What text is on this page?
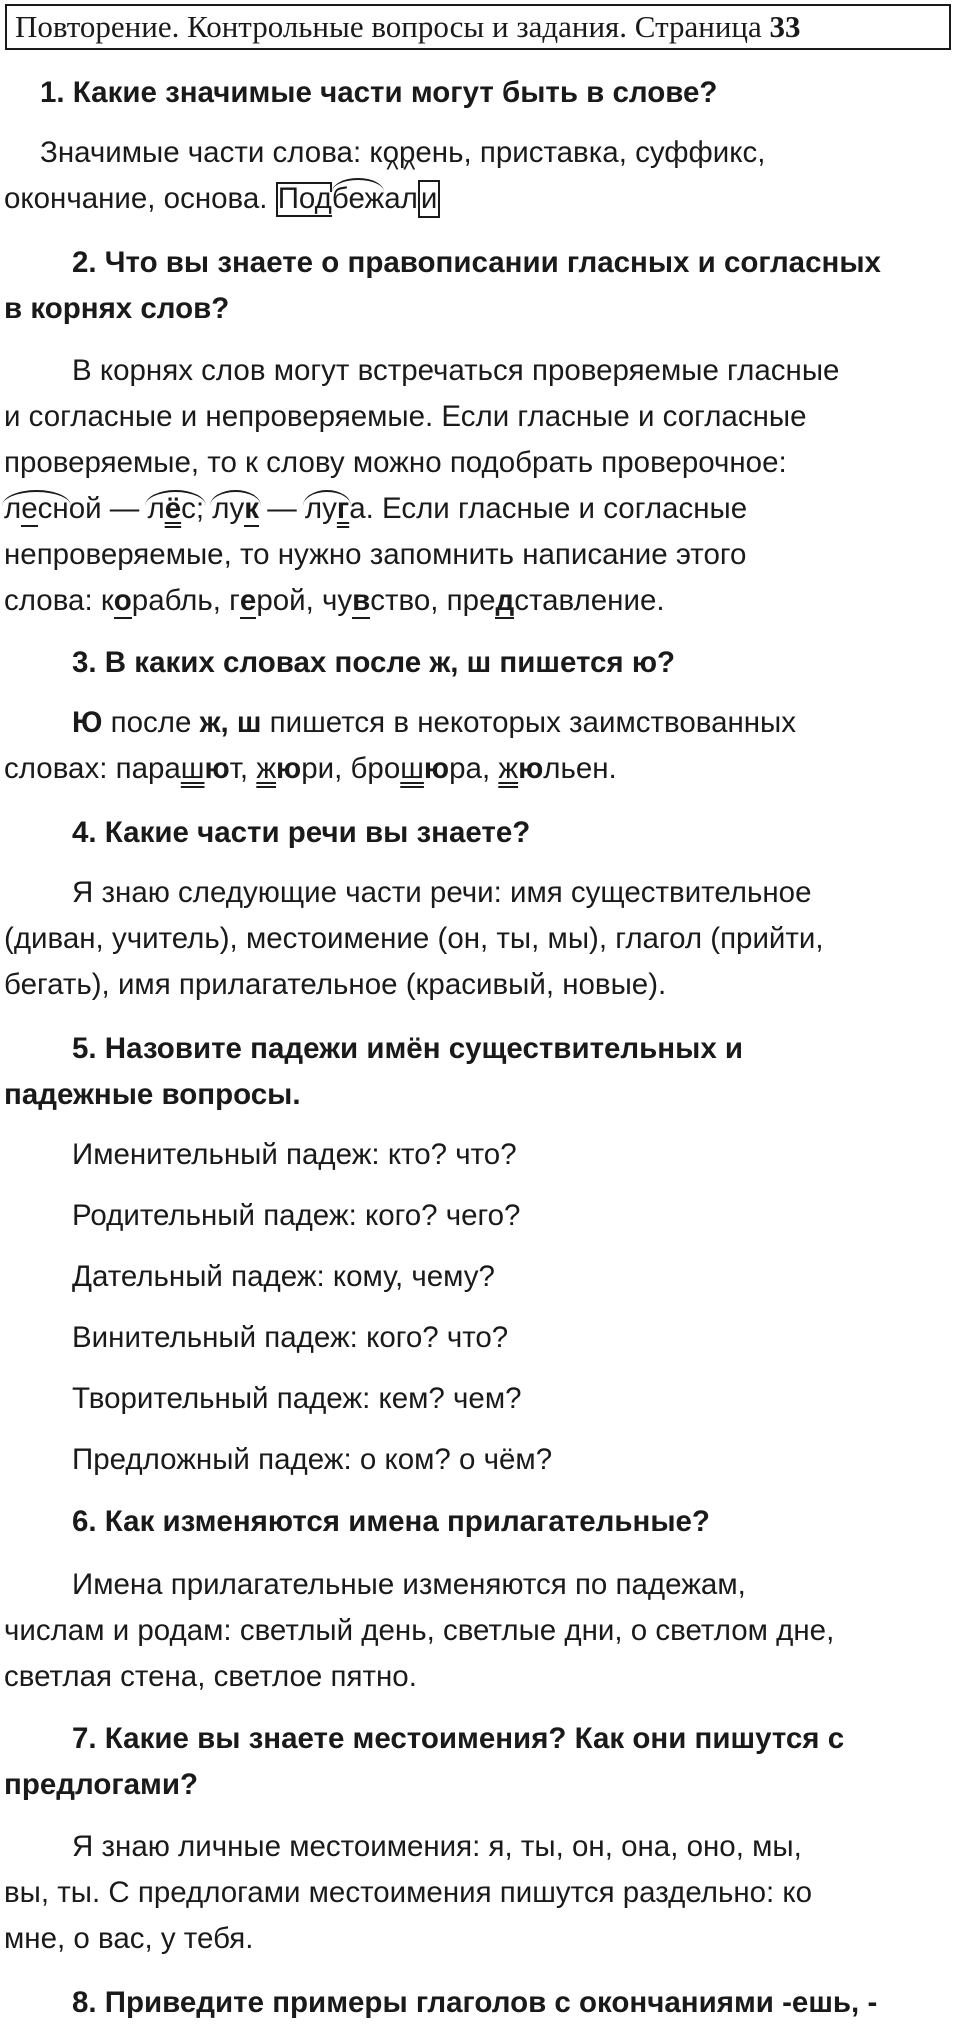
Повторение. Контрольные вопросы и задания. Страница 33
1. Какие значимые части могут быть в слове?
Значимые части слова: корень, приставка, суффикс,
окончание, основа. Подбеж^ а^ л и
2. Что вы знаете о правописании гласных и согласных
в корнях слов?
В корнях слов могут встречаться проверяемые гласные
и согласные и непроверяемые. Если гласные и согласные
проверяемые, то к слову можно подобрать проверочное:
лесной — лёс; лук — луга. Если гласные и согласные
непроверяемые, то нужно запомнить написание этого
слова: корабль, герой, чувство, представление.
3. В каких словах после ж, ш пишется ю?
Ю после ж, ш пишется в некоторых заимствованных
словах: парашют, жюри, брошюра, жюльен.
4. Какие части речи вы знаете?
Я знаю следующие части речи: имя существительное
(диван, учитель), местоимение (он, ты, мы), глагол (прийти,
бегать), имя прилагательное (красивый, новые).
5. Назовите падежи имён существительных и
падежные вопросы.
Именительный падеж: кто? что?
Родительный падеж: кого? чего?
Дательный падеж: кому, чему?
Винительный падеж: кого? что?
Творительный падеж: кем? чем?
Предложный падеж: о ком? о чём?
6. Как изменяются имена прилагательные?
Имена прилагательные изменяются по падежам,
числам и родам: светлый день, светлые дни, о светлом дне,
светлая стена, светлое пятно.
7. Какие вы знаете местоимения? Как они пишутся с
предлогами?
Я знаю личные местоимения: я, ты, он, она, оно, мы,
вы, ты. С предлогами местоимения пишутся раздельно: ко
мне, о вас, у тебя.
8. Приведите примеры глаголов с окончаниями -ешь, -
